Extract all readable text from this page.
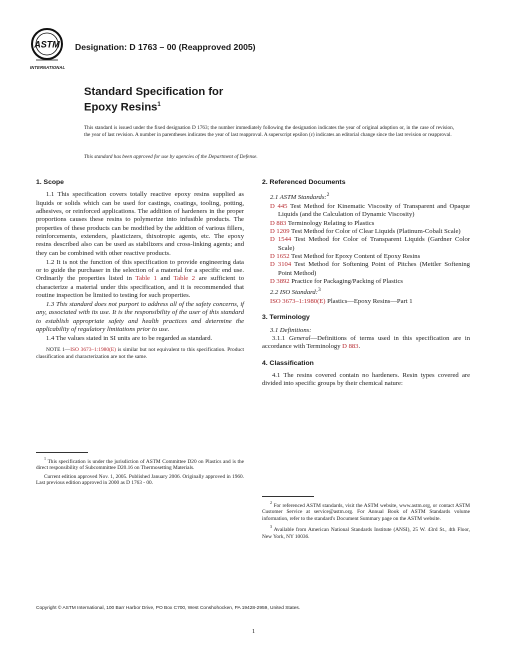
ASTM
INTERNATIONAL
Designation: D 1763 – 00 (Reapproved 2005)
Standard Specification for
Epoxy Resins$^1$
This standard is issued under the fixed designation D 1763; the number immediately following the designation indicates the year of original adoption or, in the case of revision, the year of last revision. A number in parentheses indicates the year of last reapproval. A superscript epsilon (ε) indicates an editorial change since the last revision or reapproval.
This standard has been approved for use by agencies of the Department of Defense.
1. Scope
1.1 This specification covers totally reactive epoxy resins supplied as liquids or solids which can be used for castings, coatings, tooling, potting, adhesives, or reinforced applications. The addition of hardeners in the proper proportions causes these resins to polymerize into infusible products. The properties of these products can be modified by the addition of various fillers, reinforcements, extenders, plasticizers, thixotropic agents, etc. The epoxy resins described also can be used as stabilizers and cross-linking agents; and they can be combined with other reactive products.
1.2 It is not the function of this specification to provide engineering data or to guide the purchaser in the selection of a material for a specific end use. Ordinarily the properties listed in Table 1 and Table 2 are sufficient to characterize a material under this specification, and it is recommended that routine inspection be limited to testing for such properties.
1.3 This standard does not purport to address all of the safety concerns, if any, associated with its use. It is the responsibility of the user of this standard to establish appropriate safety and health practices and determine the applicability of regulatory limitations prior to use.
1.4 The values stated in SI units are to be regarded as standard.
NOTE 1—ISO 3673–1:1980(E) is similar but not equivalent to this specification. Product classification and characterization are not the same.

$^1$ This specification is under the jurisdiction of ASTM Committee D20 on Plastics and is the direct responsibility of Subcommittee D20.16 on Thermosetting Materials.

Current edition approved Nov. 1, 2005. Published January 2006. Originally approved in 1960. Last previous edition approved in 2000 as D 1763 - 00.

2. Referenced Documents
2.1 ASTM Standards:$^2$
D 445 Test Method for Kinematic Viscosity of Transparent and Opaque Liquids (and the Calculation of Dynamic Viscosity)
D 883 Terminology Relating to Plastics
D 1209 Test Method for Color of Clear Liquids (Platinum-Cobalt Scale)
D 1544 Test Method for Color of Transparent Liquids (Gardner Color Scale)
D 1652 Test Method for Epoxy Content of Epoxy Resins
D 3104 Test Method for Softening Point of Pitches (Mettler Softening Point Method)
D 3892 Practice for Packaging/Packing of Plastics
2.2 ISO Standard:$^3$
ISO 3673–1:1980(E) Plastics—Epoxy Resins—Part 1
3. Terminology
3.1 Definitions:
3.1.1 General—Definitions of terms used in this specification are in accordance with Terminology D 883.
4. Classification
4.1 The resins covered contain no hardeners. Resin types covered are divided into specific groups by their chemical nature:

$^2$ For referenced ASTM standards, visit the ASTM website, www.astm.org, or contact ASTM Customer Service at service@astm.org. For Annual Book of ASTM Standards volume information, refer to the standard's Document Summary page on the ASTM website.

$^3$ Available from American National Standards Institute (ANSI), 25 W. 43rd St., 4th Floor, New York, NY 10036.

Copyright © ASTM International, 100 Barr Harbor Drive, PO Box C700, West Conshohocken, PA 19428-2959, United States.
1
